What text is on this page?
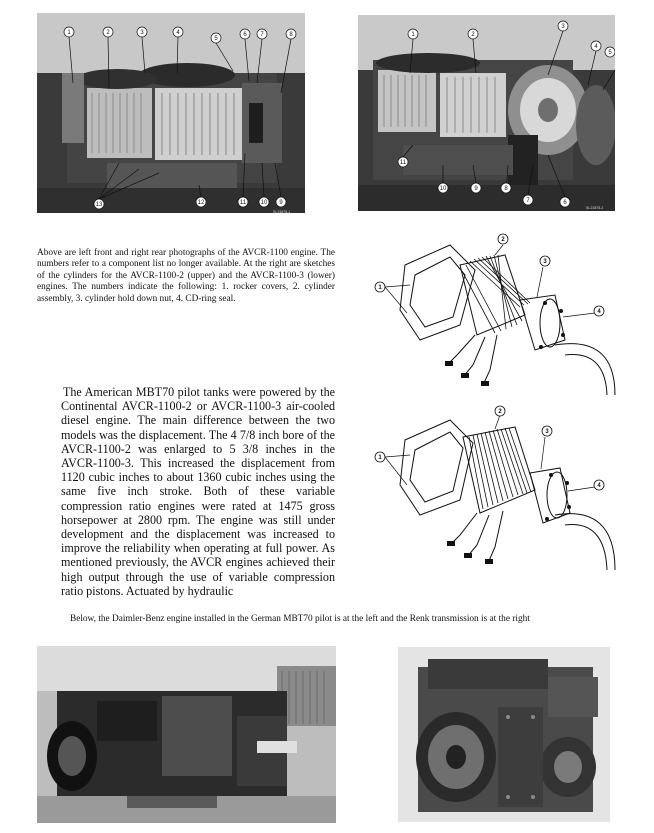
1	2	3	4
5
6 7	8
9
10
11
12
13
SI-21875-1
1	2
3
4
5
6
7
8
9
10
11
SI-21875-2

Above are left front and right rear photographs of the AVCR-1100 engine. The numbers refer to a component list no longer available. At the right are sketches of the cylinders for the AVCR-1100-2 (upper) and the AVCR-1100-3 (lower) engines. The numbers indicate the following: 1. rocker covers, 2. cylinder assembly, 3. cylinder hold down nut, 4. CD-ring seal.

1
2
3
4
1
2
3
4

The American MBT70 pilot tanks were powered by the Continental AVCR-1100-2 or AVCR-1100-3 air-cooled diesel engine. The main difference between the two models was the displacement. The 4 7/8 inch bore of the AVCR-1100-2 was enlarged to 5 3/8 inches in the AVCR-1100-3. This increased the displacement from 1120 cubic inches to about 1360 cubic inches using the same five inch stroke. Both of these variable compression ratio engines were rated at 1475 gross horsepower at 2800 rpm. The engine was still under development and the displacement was increased to improve the reliability when operating at full power. As mentioned previously, the AVCR engines achieved their high output through the use of variable compression ratio pistons. Actuated by hydraulic

Below, the Daimler-Benz engine installed in the German MBT70 pilot is at the left and the Renk transmission is at the right
